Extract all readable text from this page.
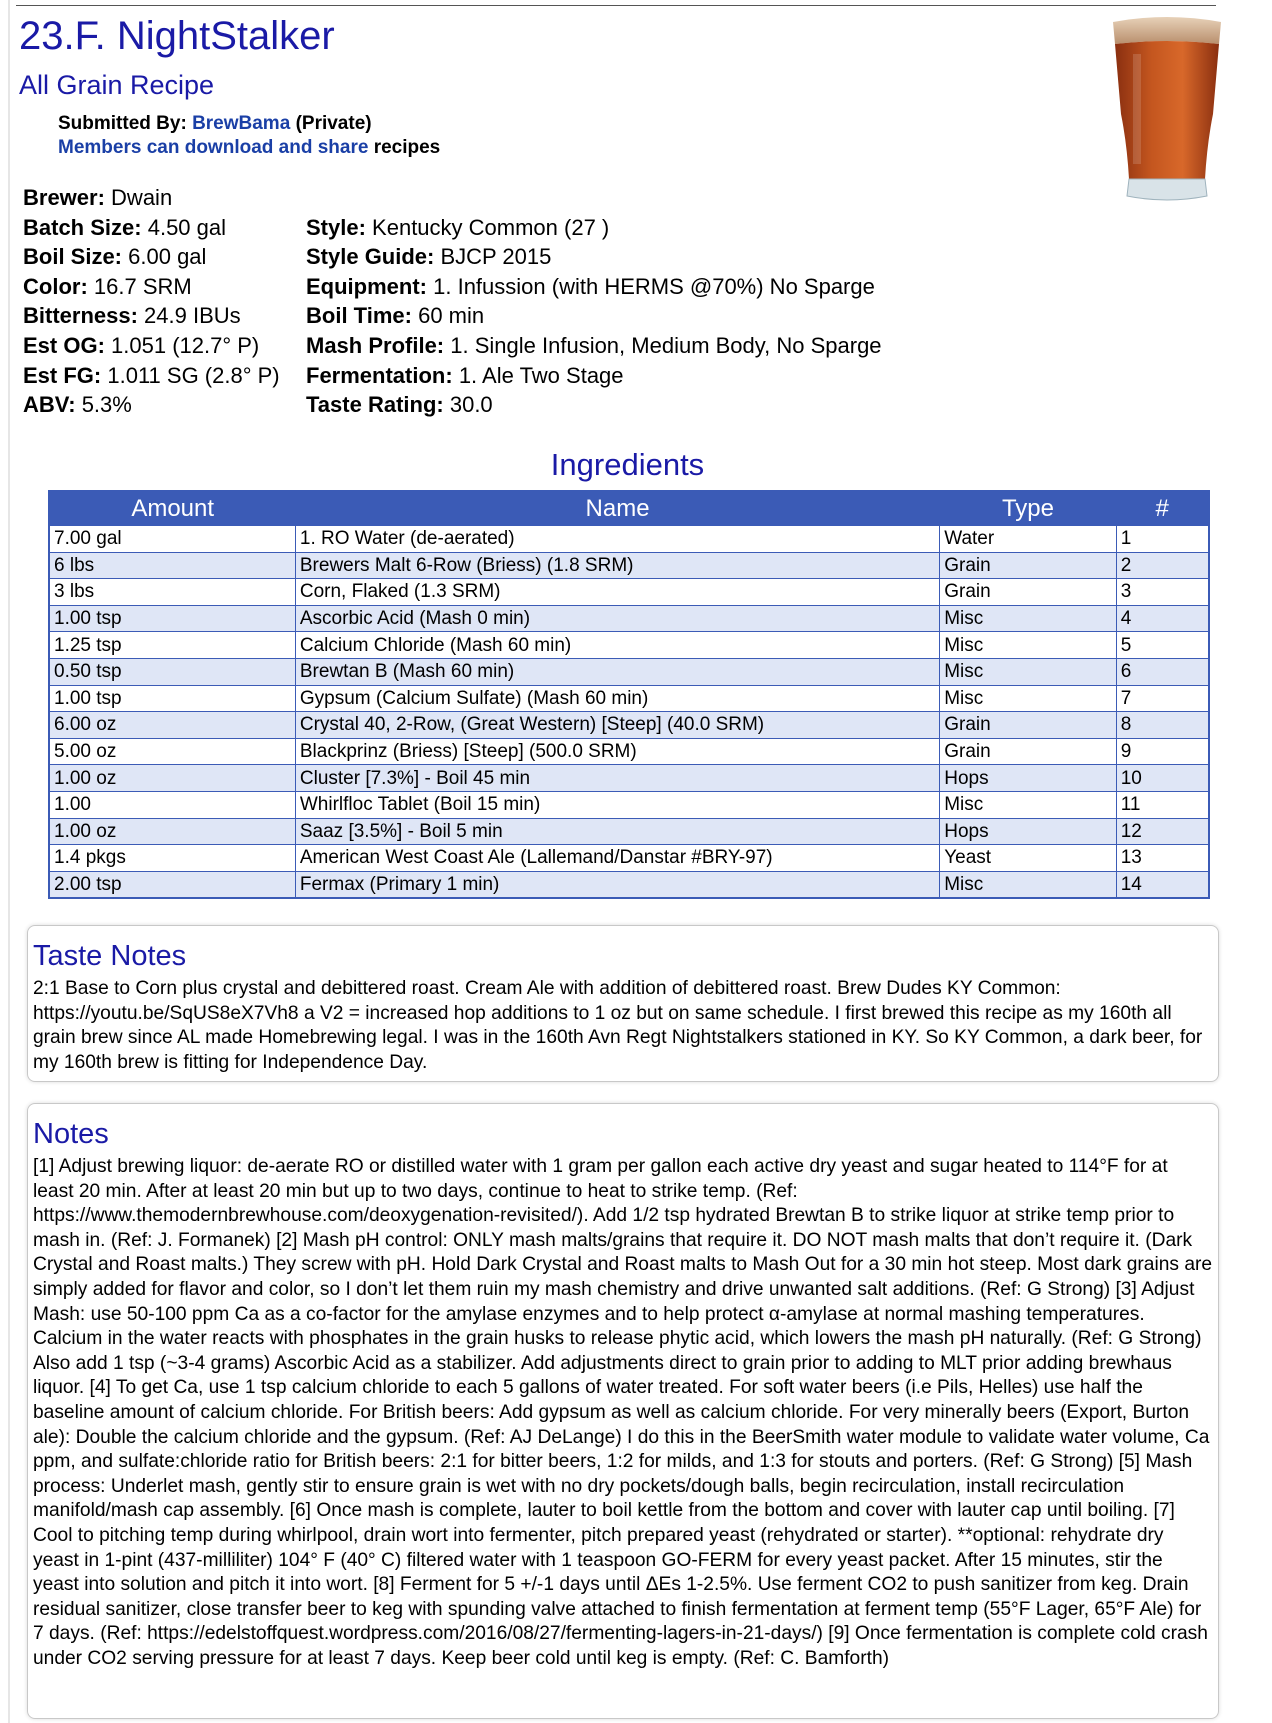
23.F. NightStalker
All Grain Recipe
Submitted By: BrewBama (Private)
Members can download and share recipes
Brewer: Dwain
Batch Size: 4.50 gal
Boil Size: 6.00 gal
Color: 16.7 SRM
Bitterness: 24.9 IBUs
Est OG: 1.051 (12.7° P)
Est FG: 1.011 SG (2.8° P)
ABV: 5.3%
Style: Kentucky Common (27 )
Style Guide: BJCP 2015
Equipment: 1. Infussion (with HERMS @70%) No Sparge
Boil Time: 60 min
Mash Profile: 1. Single Infusion, Medium Body, No Sparge
Fermentation: 1. Ale Two Stage
Taste Rating: 30.0
Ingredients
Amount	Name	Type	#
7.00 gal	1. RO Water (de-aerated)	Water	1
6 lbs	Brewers Malt 6-Row (Briess) (1.8 SRM)	Grain	2
3 lbs	Corn, Flaked (1.3 SRM)	Grain	3
1.00 tsp	Ascorbic Acid (Mash 0 min)	Misc	4
1.25 tsp	Calcium Chloride (Mash 60 min)	Misc	5
0.50 tsp	Brewtan B (Mash 60 min)	Misc	6
1.00 tsp	Gypsum (Calcium Sulfate) (Mash 60 min)	Misc	7
6.00 oz	Crystal 40, 2-Row, (Great Western) [Steep] (40.0 SRM)	Grain	8
5.00 oz	Blackprinz (Briess) [Steep] (500.0 SRM)	Grain	9
1.00 oz	Cluster [7.3%] - Boil 45 min	Hops	10
1.00	Whirlfloc Tablet (Boil 15 min)	Misc	11
1.00 oz	Saaz [3.5%] - Boil 5 min	Hops	12
1.4 pkgs	American West Coast Ale (Lallemand/Danstar #BRY-97)	Yeast	13
2.00 tsp	Fermax (Primary 1 min)	Misc	14
Taste Notes

2:1 Base to Corn plus crystal and debittered roast. Cream Ale with addition of debittered roast. Brew Dudes KY Common: https://youtu.be/SqUS8eX7Vh8 a V2 = increased hop additions to 1 oz but on same schedule. I first brewed this recipe as my 160th all grain brew since AL made Homebrewing legal. I was in the 160th Avn Regt Nightstalkers stationed in KY. So KY Common, a dark beer, for my 160th brew is fitting for Independence Day.

Notes

[1] Adjust brewing liquor: de-aerate RO or distilled water with 1 gram per gallon each active dry yeast and sugar heated to 114°F for at least 20 min. After at least 20 min but up to two days, continue to heat to strike temp. (Ref: https://www.themodernbrewhouse.com/deoxygenation-revisited/). Add 1/2 tsp hydrated Brewtan B to strike liquor at strike temp prior to mash in. (Ref: J. Formanek) [2] Mash pH control: ONLY mash malts/grains that require it. DO NOT mash malts that don’t require it. (Dark Crystal and Roast malts.) They screw with pH. Hold Dark Crystal and Roast malts to Mash Out for a 30 min hot steep. Most dark grains are simply added for flavor and color, so I don’t let them ruin my mash chemistry and drive unwanted salt additions. (Ref: G Strong) [3] Adjust Mash: use 50-100 ppm Ca as a co-factor for the amylase enzymes and to help protect α-amylase at normal mashing temperatures. Calcium in the water reacts with phosphates in the grain husks to release phytic acid, which lowers the mash pH naturally. (Ref: G Strong) Also add 1 tsp (~3-4 grams) Ascorbic Acid as a stabilizer. Add adjustments direct to grain prior to adding to MLT prior adding brewhaus liquor. [4] To get Ca, use 1 tsp calcium chloride to each 5 gallons of water treated. For soft water beers (i.e Pils, Helles) use half the baseline amount of calcium chloride. For British beers: Add gypsum as well as calcium chloride. For very minerally beers (Export, Burton ale): Double the calcium chloride and the gypsum. (Ref: AJ DeLange) I do this in the BeerSmith water module to validate water volume, Ca ppm, and sulfate:chloride ratio for British beers: 2:1 for bitter beers, 1:2 for milds, and 1:3 for stouts and porters. (Ref: G Strong) [5] Mash process: Underlet mash, gently stir to ensure grain is wet with no dry pockets/dough balls, begin recirculation, install recirculation manifold/mash cap assembly. [6] Once mash is complete, lauter to boil kettle from the bottom and cover with lauter cap until boiling. [7] Cool to pitching temp during whirlpool, drain wort into fermenter, pitch prepared yeast (rehydrated or starter). **optional: rehydrate dry yeast in 1-pint (437-milliliter) 104° F (40° C) filtered water with 1 teaspoon GO-FERM for every yeast packet. After 15 minutes, stir the yeast into solution and pitch it into wort. [8] Ferment for 5 +/-1 days until ΔEs 1-2.5%. Use ferment CO2 to push sanitizer from keg. Drain residual sanitizer, close transfer beer to keg with spunding valve attached to finish fermentation at ferment temp (55°F Lager, 65°F Ale) for 7 days. (Ref: https://edelstoffquest.wordpress.com/2016/08/27/fermenting-lagers-in-21-days/) [9] Once fermentation is complete cold crash under CO2 serving pressure for at least 7 days. Keep beer cold until keg is empty. (Ref: C. Bamforth)
